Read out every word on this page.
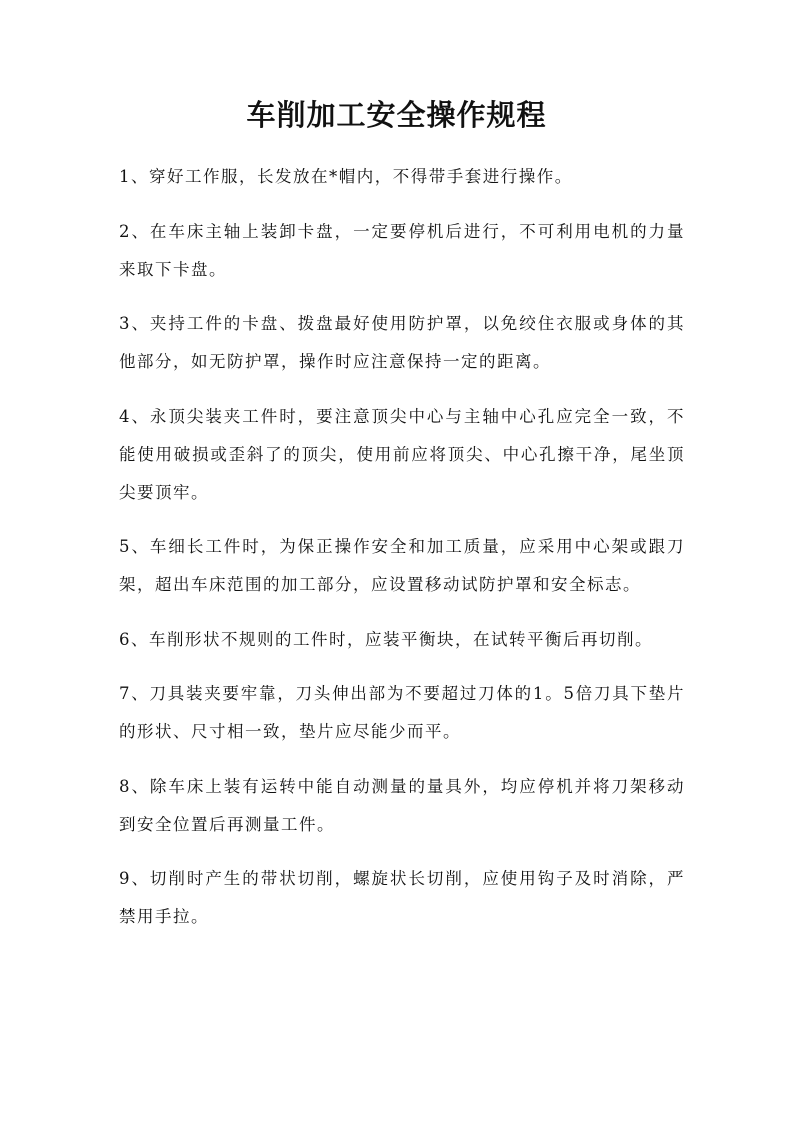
车削加工安全操作规程

1、穿好工作服，长发放在*帽内，不得带手套进行操作。

2、在车床主轴上装卸卡盘，一定要停机后进行，不可利用电机的力量来取下卡盘。

3、夹持工件的卡盘、拨盘最好使用防护罩，以免绞住衣服或身体的其他部分，如无防护罩，操作时应注意保持一定的距离。

4、永顶尖装夹工件时，要注意顶尖中心与主轴中心孔应完全一致，不能使用破损或歪斜了的顶尖，使用前应将顶尖、中心孔擦干净，尾坐顶尖要顶牢。

5、车细长工件时，为保正操作安全和加工质量，应采用中心架或跟刀架，超出车床范围的加工部分，应设置移动试防护罩和安全标志。

6、车削形状不规则的工件时，应装平衡块，在试转平衡后再切削。

7、刀具装夹要牢靠，刀头伸出部为不要超过刀体的1。5倍刀具下垫片的形状、尺寸相一致，垫片应尽能少而平。

8、除车床上装有运转中能自动测量的量具外，均应停机并将刀架移动到安全位置后再测量工件。

9、切削时产生的带状切削，螺旋状长切削，应使用钩子及时消除，严禁用手拉。
